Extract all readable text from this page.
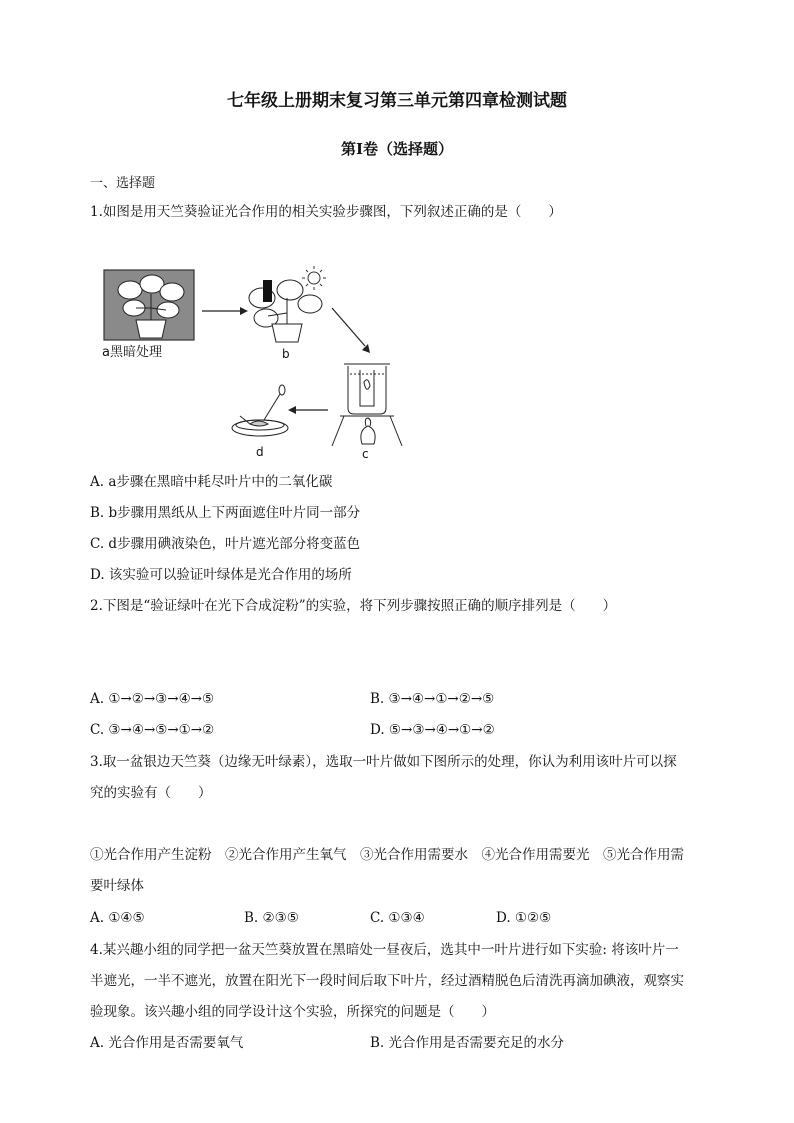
七年级上册期末复习第三单元第四章检测试题
第Ⅰ卷（选择题）
一、选择题
1.如图是用天竺葵验证光合作用的相关实验步骤图，下列叙述正确的是（　　）
a黑暗处理	b
c
d
A. a步骤在黑暗中耗尽叶片中的二氧化碳
B. b步骤用黑纸从上下两面遮住叶片同一部分
C. d步骤用碘液染色，叶片遮光部分将变蓝色
D. 该实验可以验证叶绿体是光合作用的场所
2.下图是“验证绿叶在光下合成淀粉”的实验，将下列步骤按照正确的顺序排列是（　　）
A. ①→②→③→④→⑤	B. ③→④→①→②→⑤
C. ③→④→⑤→①→②	D. ⑤→③→④→①→②
3.取一盆银边天竺葵（边缘无叶绿素），选取一叶片做如下图所示的处理，你认为利用该叶片可以探
究的实验有（　　）
①光合作用产生淀粉　②光合作用产生氧气　③光合作用需要水　④光合作用需要光　⑤光合作用需
要叶绿体
A. ①④⑤	B. ②③⑤	C. ①③④	D. ①②⑤
4.某兴趣小组的同学把一盆天竺葵放置在黑暗处一昼夜后，选其中一叶片进行如下实验: 将该叶片一
半遮光，一半不遮光，放置在阳光下一段时间后取下叶片，经过酒精脱色后清洗再滴加碘液，观察实
验现象。该兴趣小组的同学设计这个实验，所探究的问题是（　　）
A. 光合作用是否需要氧气	B. 光合作用是否需要充足的水分
